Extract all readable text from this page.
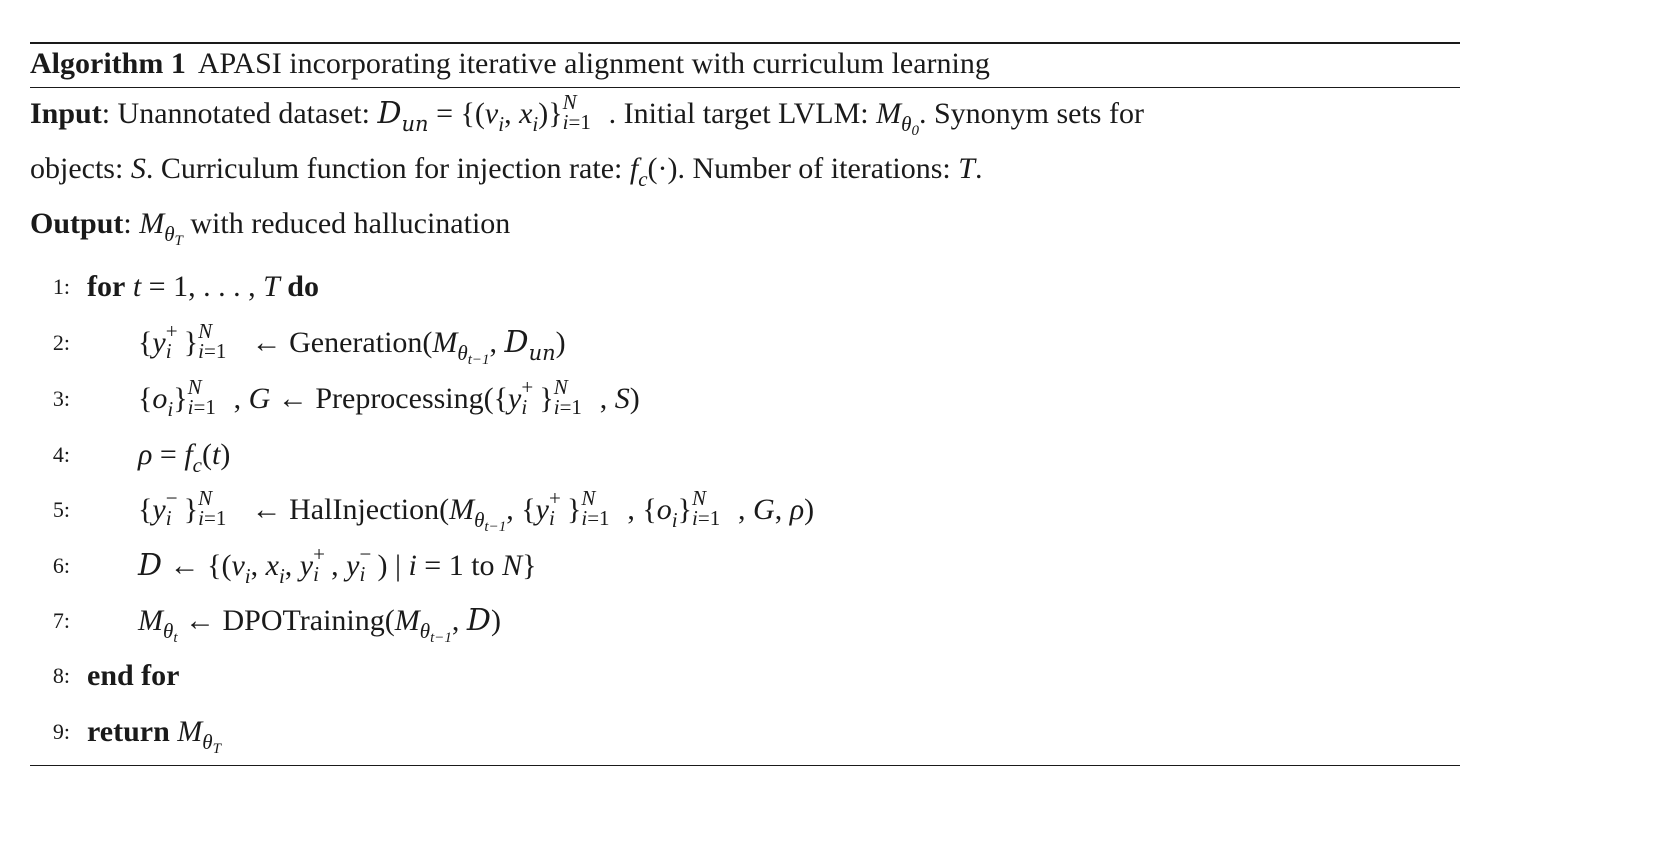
Algorithm 1 APASI incorporating iterative alignment with curriculum learning
Input: Unannotated dataset: $D_{un} = \{(v_i$, $x_i$)} N
i=1 . Initial target LVLM: $M_{\theta 0}$. Synonym sets for
objects: S. Curriculum function for injection rate: $f_c(\cdot)$. Number of iterations: T.
Output: $M_{\theta T}$ with reduced hallucination
1: for t = 1, . . . , T do
2: {y +
i } N
i=1 ← $Generation(M_{\theta t-1}$, $D_{un}$)
3: $\{o_i\}$ N
i=1 , G ← Preprocessing({y +
i } N
i=1 , S)
4: $\rho = f_c(t)$
5: {y −
i } N
i=1 ← $HalInjection(M_{\theta t-1}$, {y +
i } N
i=1 , $\{o_i\}$ N
i=1 , G, ρ)
6: D ← {($v_i$, $x_i$, y +
i , y −
i ) | i = 1 to N}
7: $M_{\theta t}$ ← $DPOTraining(M_{\theta t-1}$, D)
8: end for
9: return $M_{\theta T}$
